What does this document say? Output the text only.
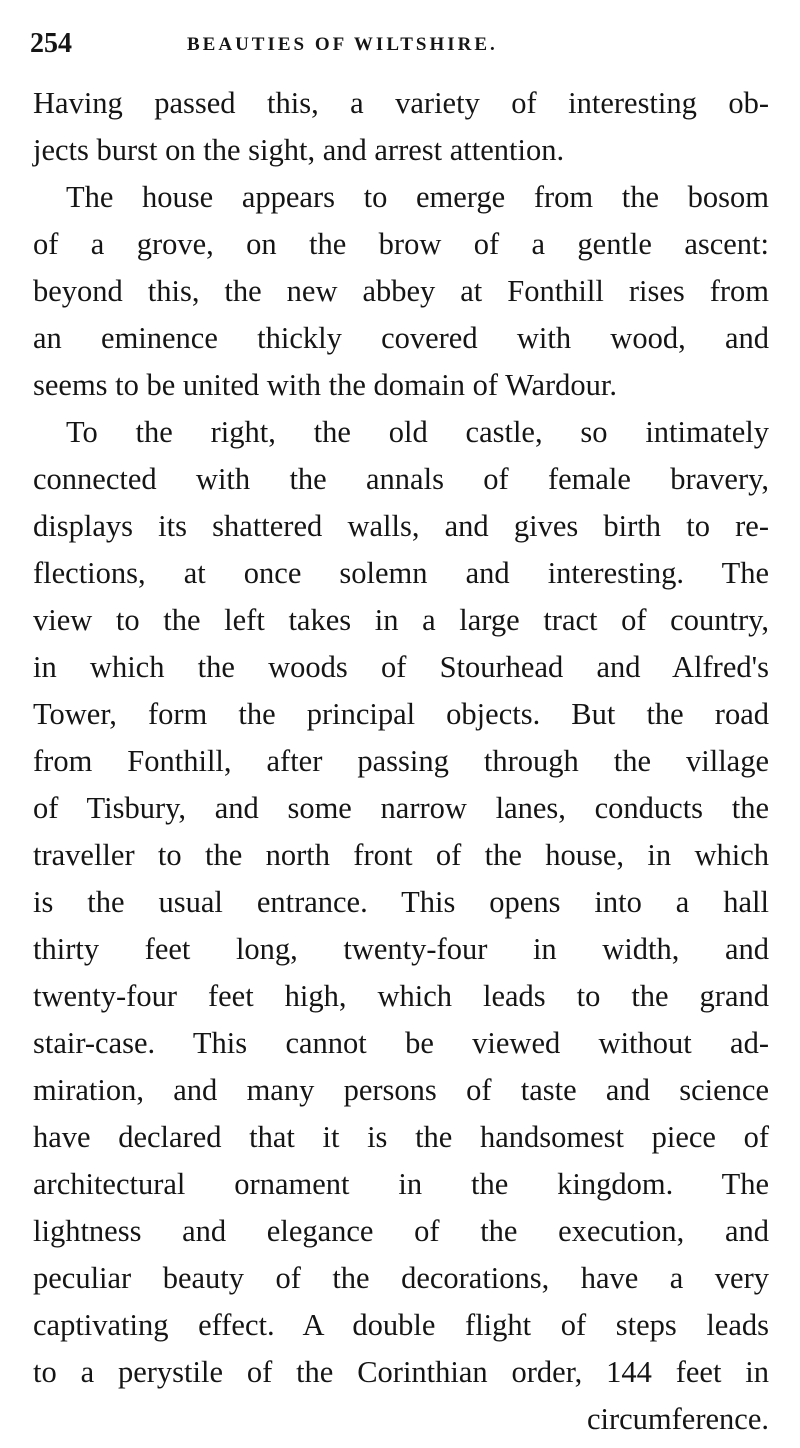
254	BEAUTIES OF WILTSHIRE.
Having passed this, a variety of interesting ob-
jects burst on the sight, and arrest attention.
The house appears to emerge from the bosom
of a grove, on the brow of a gentle ascent:
beyond this, the new abbey at Fonthill rises from
an eminence thickly covered with wood, and
seems to be united with the domain of Wardour.
To the right, the old castle, so intimately
connected with the annals of female bravery,
displays its shattered walls, and gives birth to re-
flections, at once solemn and interesting. The
view to the left takes in a large tract of country,
in which the woods of Stourhead and Alfred's
Tower, form the principal objects. But the road
from Fonthill, after passing through the village
of Tisbury, and some narrow lanes, conducts the
traveller to the north front of the house, in which
is the usual entrance. This opens into a hall
thirty feet long, twenty-four in width, and
twenty-four feet high, which leads to the grand
stair-case. This cannot be viewed without ad-
miration, and many persons of taste and science
have declared that it is the handsomest piece of
architectural ornament in the kingdom. The
lightness and elegance of the execution, and
peculiar beauty of the decorations, have a very
captivating effect. A double flight of steps leads
to a perystile of the Corinthian order, 144 feet in
circumference.
